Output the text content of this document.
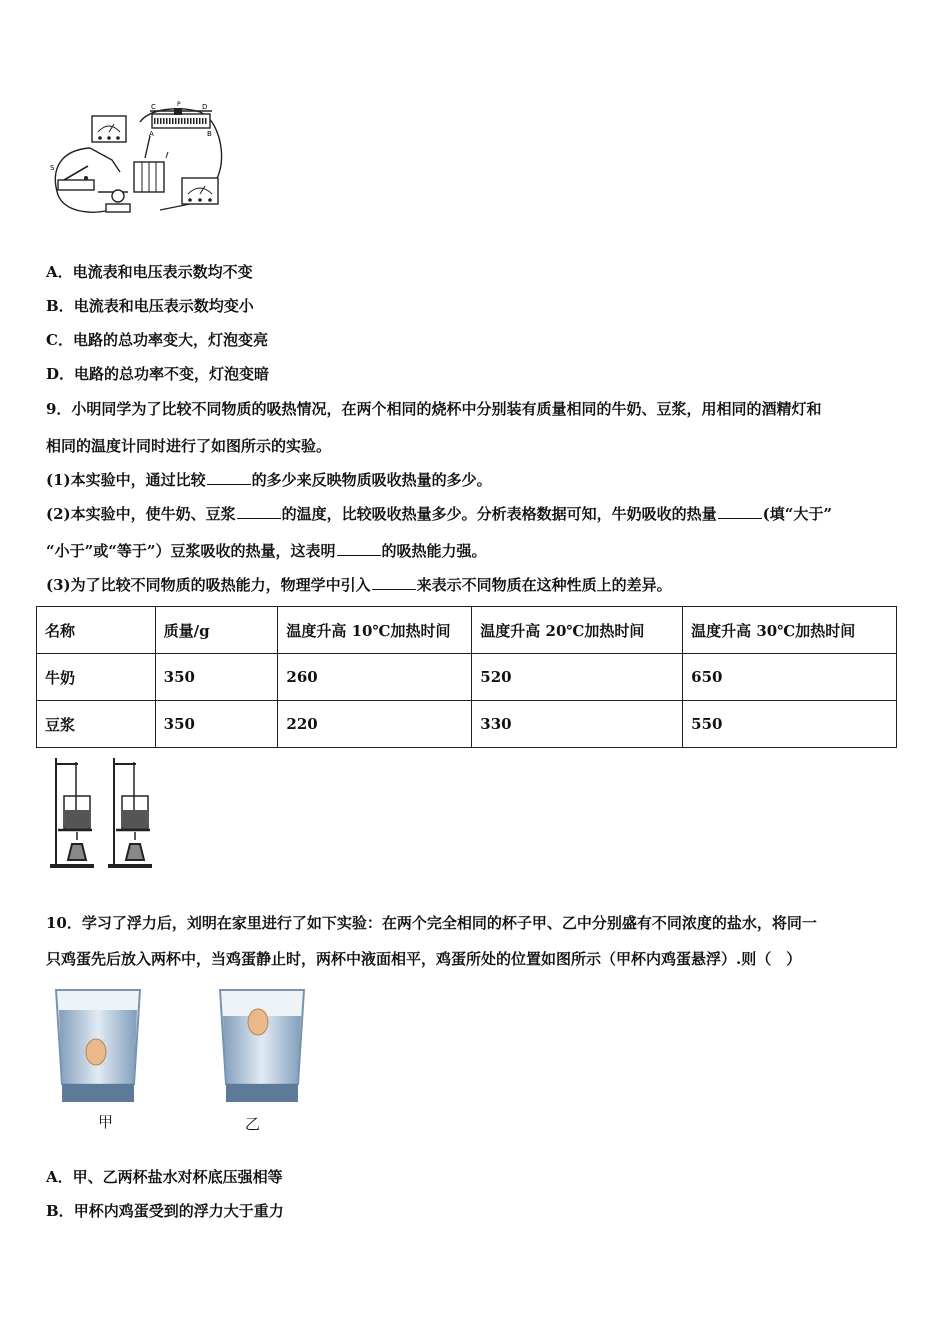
C	D
P
A	B
S
A．电流表和电压表示数均不变
B．电流表和电压表示数均变小
C．电路的总功率变大，灯泡变亮
D．电路的总功率不变，灯泡变暗
9．小明同学为了比较不同物质的吸热情况，在两个相同的烧杯中分别装有质量相同的牛奶、豆浆，用相同的酒精灯和
相同的温度计同时进行了如图所示的实验。
(1)本实验中，通过比较	的多少来反映物质吸收热量的多少。
(2)本实验中，使牛奶、豆浆	的温度，比较吸收热量多少。分析表格数据可知，牛奶吸收的热量	(填“大于”
“小于”或“等于”）豆浆吸收的热量，这表明	的吸热能力强。
(3)为了比较不同物质的吸热能力，物理学中引入	来表示不同物质在这种性质上的差异。
名称	质量/g	温度升高 10℃加热时间	温度升高 20℃加热时间	温度升高 30℃加热时间
牛奶	350	260	520	650
豆浆	350	220	330	550
10．学习了浮力后，刘明在家里进行了如下实验：在两个完全相同的杯子甲、乙中分别盛有不同浓度的盐水，将同一
只鸡蛋先后放入两杯中，当鸡蛋静止时，两杯中液面相平，鸡蛋所处的位置如图所示（甲杯内鸡蛋悬浮）.则（　）
甲	乙
A．甲、乙两杯盐水对杯底压强相等
B．甲杯内鸡蛋受到的浮力大于重力
